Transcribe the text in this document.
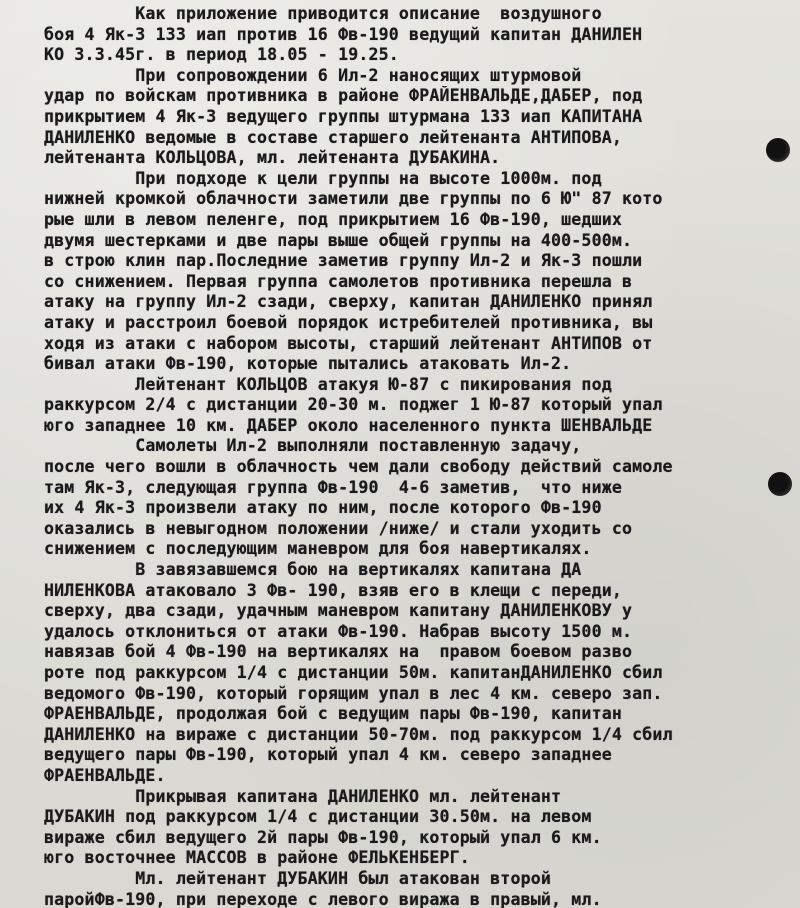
Как приложение приводится описание  воздушного
боя 4 Як-3 133 иап против 16 Фв-190 ведущий капитан ДАНИЛЕН
КО 3.3.45г. в период 18.05 - 19.25.
При сопровождении 6 Ил-2 наносящих штурмовой
удар по войскам противника в районе ФРАЙЕНВАЛЬДЕ,ДАБЕР, под
прикрытием 4 Як-3 ведущего группы штурмана 133 иап КАПИТАНА
ДАНИЛЕНКО ведомые в составе старшего лейтенанта АНТИПОВА,
лейтенанта КОЛЬЦОВА, мл. лейтенанта ДУБАКИНА.
При подходе к цели группы на высоте 1000м. под
нижней кромкой облачности заметили две группы по 6 Ю" 87 кото
рые шли в левом пеленге, под прикрытием 16 Фв-190, шедших
двумя шестерками и две пары выше общей группы на 400-500м.
в строю клин пар.Последние заметив группу Ил-2 и Як-3 пошли
со снижением. Первая группа самолетов противника перешла в
атаку на группу Ил-2 сзади, сверху, капитан ДАНИЛЕНКО принял
атаку и расстроил боевой порядок истребителей противника, вы
ходя из атаки с набором высоты, старший лейтенант АНТИПОВ от
бивал атаки Фв-190, которые пытались атаковать Ил-2.
Лейтенант КОЛЬЦОВ атакуя Ю-87 с пикирования под
раккурсом 2/4 с дистанции 20-30 м. поджег 1 Ю-87 который упал
юго западнее 10 км. ДАБЕР около населенного пункта ШЕНВАЛЬДЕ
Самолеты Ил-2 выполняли поставленную задачу,
после чего вошли в облачность чем дали свободу действий самоле
там Як-3, следующая группа Фв-190  4-6 заметив,  что ниже
их 4 Як-3 произвели атаку по ним, после которого Фв-190
оказались в невыгодном положении /ниже/ и стали уходить со
снижением с последующим маневром для боя навертикалях.
В завязавшемся бою на вертикалях капитана ДА
НИЛЕНКОВА атаковало 3 Фв- 190, взяв его в клещи с переди,
сверху, два сзади, удачным маневром капитану ДАНИЛЕНКОВУ у
удалось отклониться от атаки Фв-190. Набрав высоту 1500 м.
навязав бой 4 Фв-190 на вертикалях на  правом боевом разво
роте под раккурсом 1/4 с дистанции 50м. капитанДАНИЛЕНКО сбил
ведомого Фв-190, который горящим упал в лес 4 км. северо зап.
ФРАЕНВАЛЬДЕ, продолжая бой с ведущим пары Фв-190, капитан
ДАНИЛЕНКО на вираже с дистанции 50-70м. под раккурсом 1/4 сбил
ведущего пары Фв-190, который упал 4 км. северо западнее
ФРАЕНВАЛЬДЕ.
Прикрывая капитана ДАНИЛЕНКО мл. лейтенант
ДУБАКИН под раккурсом 1/4 с дистанции 30.50м. на левом
вираже сбил ведущего 2й пары Фв-190, который упал 6 км.
юго восточнее МАССОВ в районе ФЕЛЬКЕНБЕРГ.
Мл. лейтенант ДУБАКИН был атакован второй
паройФв-190, при переходе с левого виража в правый, мл.
